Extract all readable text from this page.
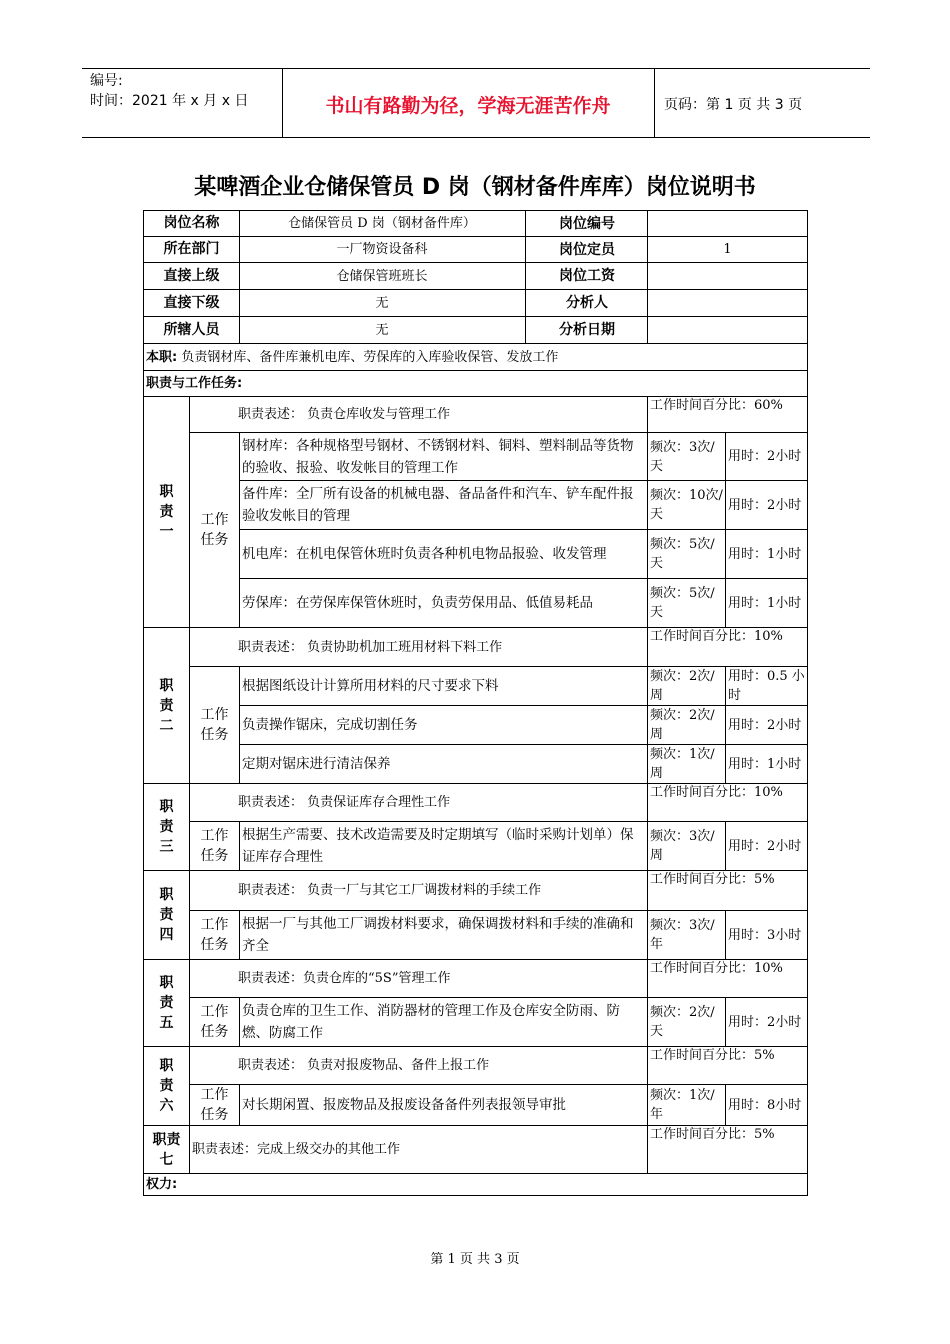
编号:
时间：2021 年 x 月 x 日	书山有路勤为径，学海无涯苦作舟	页码：第 1 页 共 3 页
某啤酒企业仓储保管员 D 岗（钢材备件库库）岗位说明书
岗位名称		仓储保管员 D 岗（钢材备件库） 岗位编号		

所在部门		一厂物资设备科 岗位定员	1	
直接上级		仓储保管班班长 岗位工资		

直接下级		无 分析人		

所辖人员		无 分析日期		

本职: 负责钢材库、备件库兼机电库、劳保库的入库验收保管、发放工作				
职责与工作任务:				
职责一	职责表述： 负责仓库收发与管理工作		工作时间百分比：60%	
	工作任务	钢材库：各种规格型号钢材、不锈钢材料、铜料、塑料制品等货物的验收、报验、收发帐目的管理工作	频次：3次/天	用时：2小时
		备件库：全厂所有设备的机械电器、备品备件和汽车、铲车配件报验收发帐目的管理	频次：10次/天	用时：2小时
		机电库：在机电保管休班时负责各种机电物品报验、收发管理	频次：5次/ 天	用时：1小时
		劳保库：在劳保库保管休班时，负责劳保用品、低值易耗品	频次：5次/天	用时：1小时
职责二	职责表述： 负责协助机加工班用材料下料工作		工作时间百分比：10%	
	工作任务	根据图纸设计计算所用材料的尺寸要求下料	频次：2次/周	用时：0.5 小时
		负责操作锯床，完成切割任务	频次：2次/周	用时：2小时
		定期对锯床进行清洁保养	频次：1次/周	用时：1小时
职责三	职责表述： 负责保证库存合理性工作		工作时间百分比：10%	
	工作任务	根据生产需要、技术改造需要及时定期填写（临时采购计划单）保证库存合理性	频次：3次/周	用时：2小时
职责四	职责表述： 负责一厂与其它工厂调拨材料的手续工作		工作时间百分比：5%	
	工作任务	根据一厂与其他工厂调拨材料要求，确保调拨材料和手续的准确和齐全	频次：3次/年	用时：3小时
职责五	职责表述：负责仓库的“5S”管理工作		工作时间百分比：10%	
	工作任务	负责仓库的卫生工作、消防器材的管理工作及仓库安全防雨、防燃、防腐工作	频次：2次/ 天	用时：2小时
职责六	职责表述： 负责对报废物品、备件上报工作		工作时间百分比：5%	
	工作任务	对长期闲置、报废物品及报废设备备件列表报领导审批	频次：1次/年	用时：8小时
职责七	职责表述：完成上级交办的其他工作		工作时间百分比：5%	
权力:				
第 1 页 共 3 页
